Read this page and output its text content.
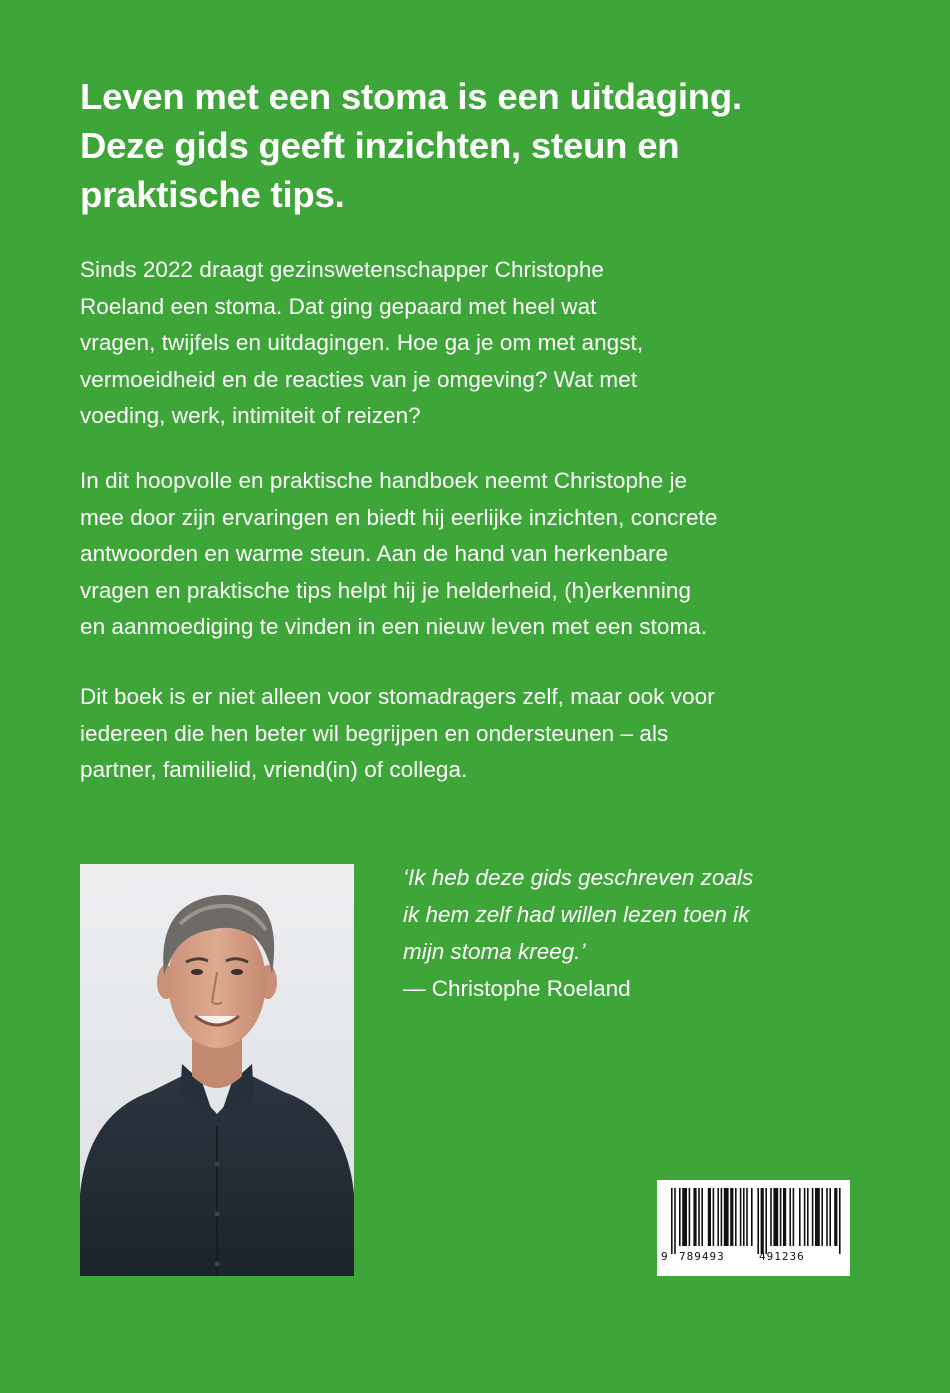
Leven met een stoma is een uitdaging.
Deze gids geeft inzichten, steun en
praktische tips.

Sinds 2022 draagt gezinswetenschapper Christophe
Roeland een stoma. Dat ging gepaard met heel wat
vragen, twijfels en uitdagingen. Hoe ga je om met angst,
vermoeidheid en de reacties van je omgeving? Wat met
voeding, werk, intimiteit of reizen?

In dit hoopvolle en praktische handboek neemt Christophe je
mee door zijn ervaringen en biedt hij eerlijke inzichten, concrete
antwoorden en warme steun. Aan de hand van herkenbare
vragen en praktische tips helpt hij je helderheid, (h)erkenning
en aanmoediging te vinden in een nieuw leven met een stoma.

Dit boek is er niet alleen voor stomadragers zelf, maar ook voor
iedereen die hen beter wil begrijpen en ondersteunen – als
partner, familielid, vriend(in) of collega.

‘Ik heb deze gids geschreven zoals
ik hem zelf had willen lezen toen ik
mijn stoma kreeg.’
— Christophe Roeland

9 789493	491236
